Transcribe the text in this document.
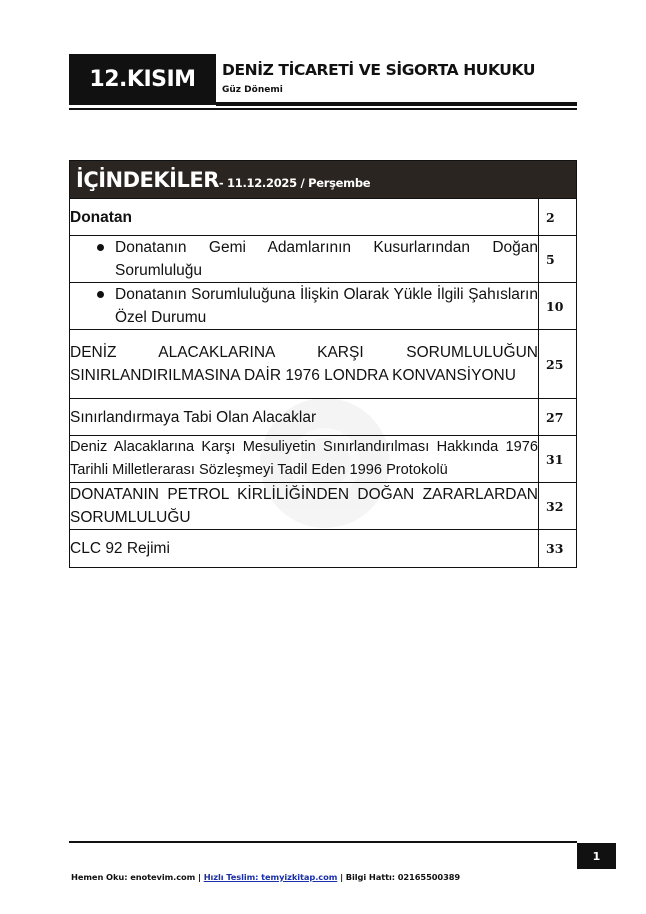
12.KISIM	DENİZ TİCARETİ VE SİGORTA HUKUKU
Güz Dönemi
İÇİNDEKİLER- 11.12.2025 / Perşembe	
Donatan	2

Donatanın Gemi Adamlarının Kusurlarından Doğan Sorumluluğu	5

Donatanın Sorumluluğuna İlişkin Olarak Yükle İlgili Şahısların Özel Durumu	10
DENİZ ALACAKLARINA KARŞI SORUMLULUĞUN SINIRLANDIRILMASINA DAİR 1976 LONDRA KONVANSİYONU	25
Sınırlandırmaya Tabi Olan Alacaklar	27
Deniz Alacaklarına Karşı Mesuliyetin Sınırlandırılması Hakkında 1976 Tarihli Milletlerarası Sözleşmeyi Tadil Eden 1996 Protokolü	31
DONATANIN PETROL KİRLİLİĞİNDEN DOĞAN ZARARLARDAN SORUMLULUĞU	32
CLC 92 Rejimi	33
1
Hemen Oku: enotevim.com | Hızlı Teslim: temyizkitap.com | Bilgi Hattı: 02165500389
